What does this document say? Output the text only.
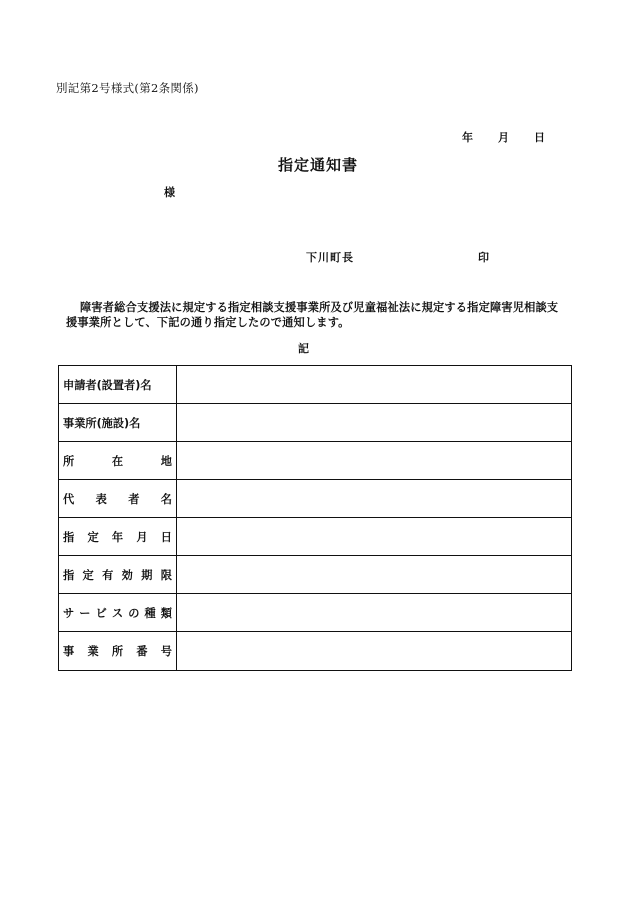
別記第2号様式(第2条関係)
年	月	日
指定通知書
様
下川町長	印
障害者総合支援法に規定する指定相談支援事業所及び児童福祉法に規定する指定障害児相談支
援事業所として、下記の通り指定したので通知します。
記
申請者(設置者)名
事業所(施設)名
所	在	地
代 表 者 名
指 定 年 月 日
指 定 有 効 期 限
サ ー ビ ス の 種 類
事 業 所 番 号
